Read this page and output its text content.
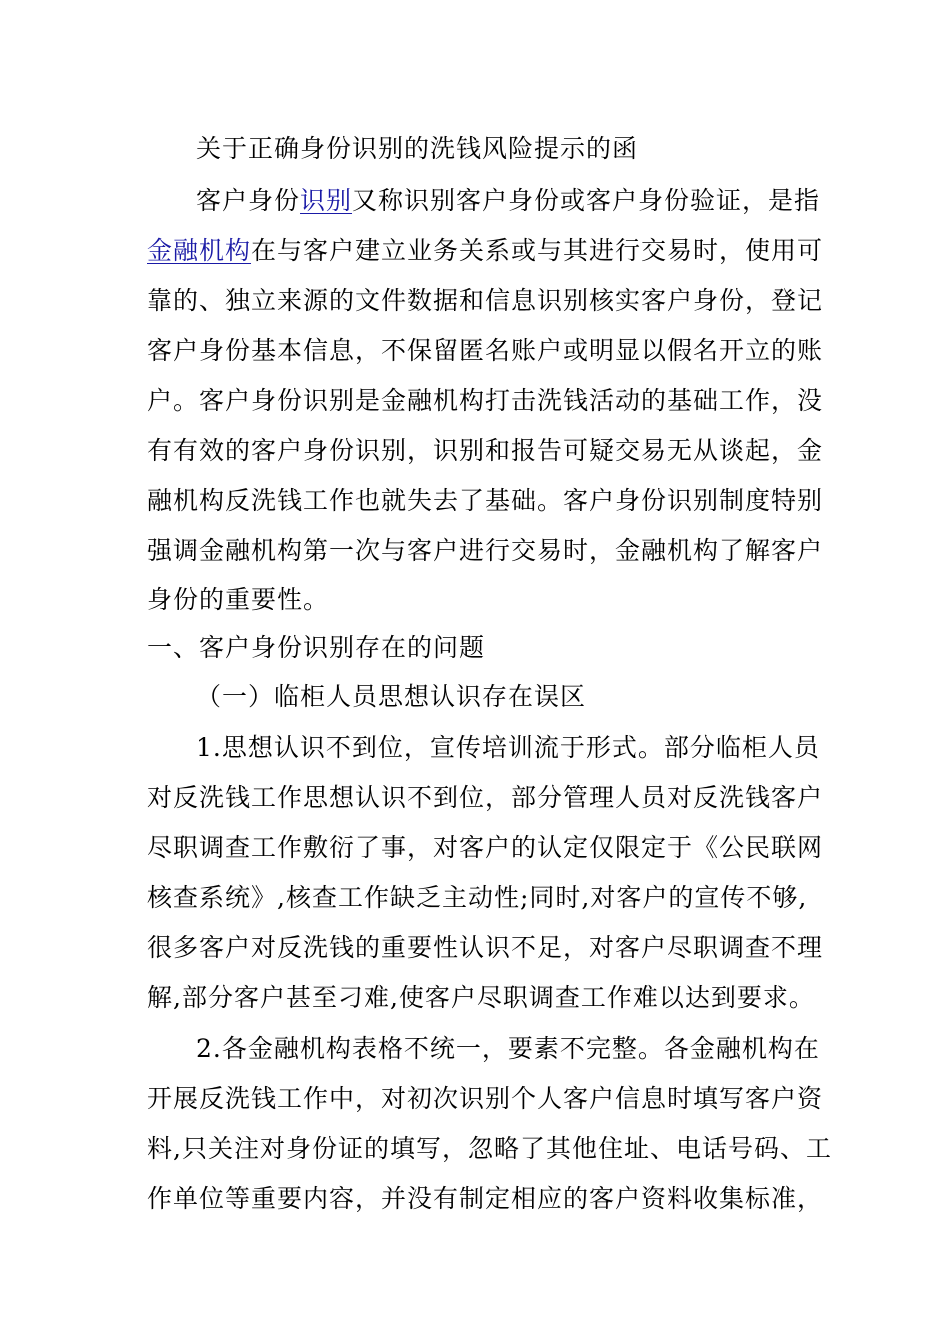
关于正确身份识别的洗钱风险提示的函
客户身份识别又称识别客户身份或客户身份验证，是指
金融机构在与客户建立业务关系或与其进行交易时，使用可
靠的、独立来源的文件数据和信息识别核实客户身份，登记
客户身份基本信息，不保留匿名账户或明显以假名开立的账
户。客户身份识别是金融机构打击洗钱活动的基础工作，没
有有效的客户身份识别，识别和报告可疑交易无从谈起，金
融机构反洗钱工作也就失去了基础。客户身份识别制度特别
强调金融机构第一次与客户进行交易时，金融机构了解客户
身份的重要性。
一、客户身份识别存在的问题
（一）临柜人员思想认识存在误区
1.思想认识不到位，宣传培训流于形式。部分临柜人员
对反洗钱工作思想认识不到位，部分管理人员对反洗钱客户
尽职调查工作敷衍了事，对客户的认定仅限定于《公民联网
核查系统》,核查工作缺乏主动性;同时,对客户的宣传不够,
很多客户对反洗钱的重要性认识不足，对客户尽职调查不理
解,部分客户甚至刁难,使客户尽职调查工作难以达到要求。
2.各金融机构表格不统一，要素不完整。各金融机构在
开展反洗钱工作中，对初次识别个人客户信息时填写客户资
料,只关注对身份证的填写，忽略了其他住址、电话号码、工
作单位等重要内容，并没有制定相应的客户资料收集标准，
